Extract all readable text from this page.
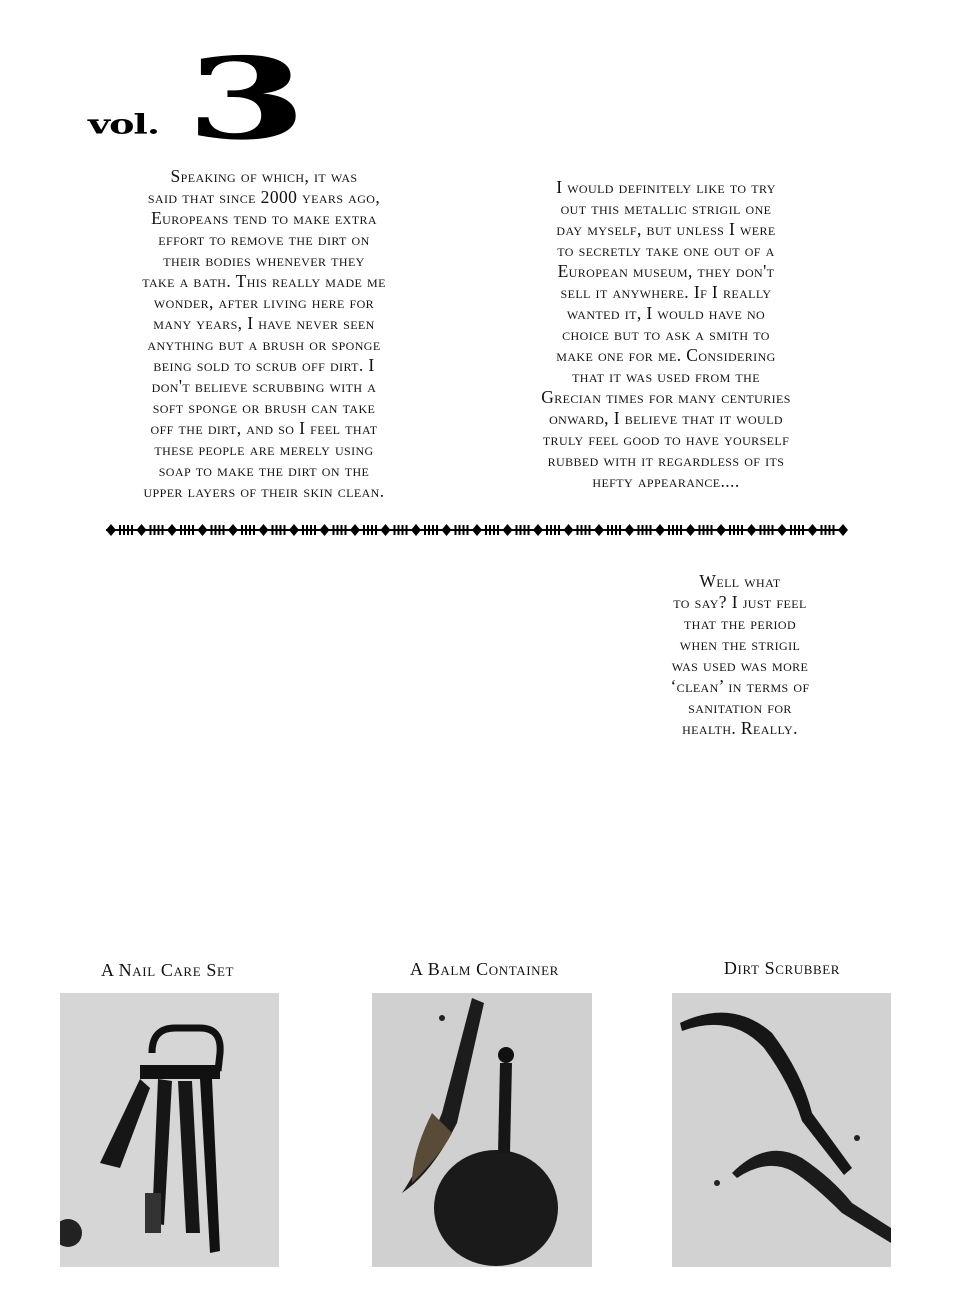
vol. 3
Speaking of which, it was
said that since 2000 years ago,
Europeans tend to make extra
effort to remove the dirt on
their bodies whenever they
take a bath. This really made me
wonder, after living here for
many years, I have never seen
anything but a brush or sponge
being sold to scrub off dirt. I
don't believe scrubbing with a
soft sponge or brush can take
off the dirt, and so I feel that
these people are merely using
soap to make the dirt on the
upper layers of their skin clean.
I would definitely like to try
out this metallic strigil one
day myself, but unless I were
to secretly take one out of a
European museum, they don't
sell it anywhere. If I really
wanted it, I would have no
choice but to ask a smith to
make one for me. Considering
that it was used from the
Grecian times for many centuries
onward, I believe that it would
truly feel good to have yourself
rubbed with it regardless of its
hefty appearance....
Well what
to say? I just feel
that the period
when the strigil
was used was more
‘clean’ in terms of
sanitation for
health. Really.
A Nail Care Set	A Balm Container	Dirt Scrubber
